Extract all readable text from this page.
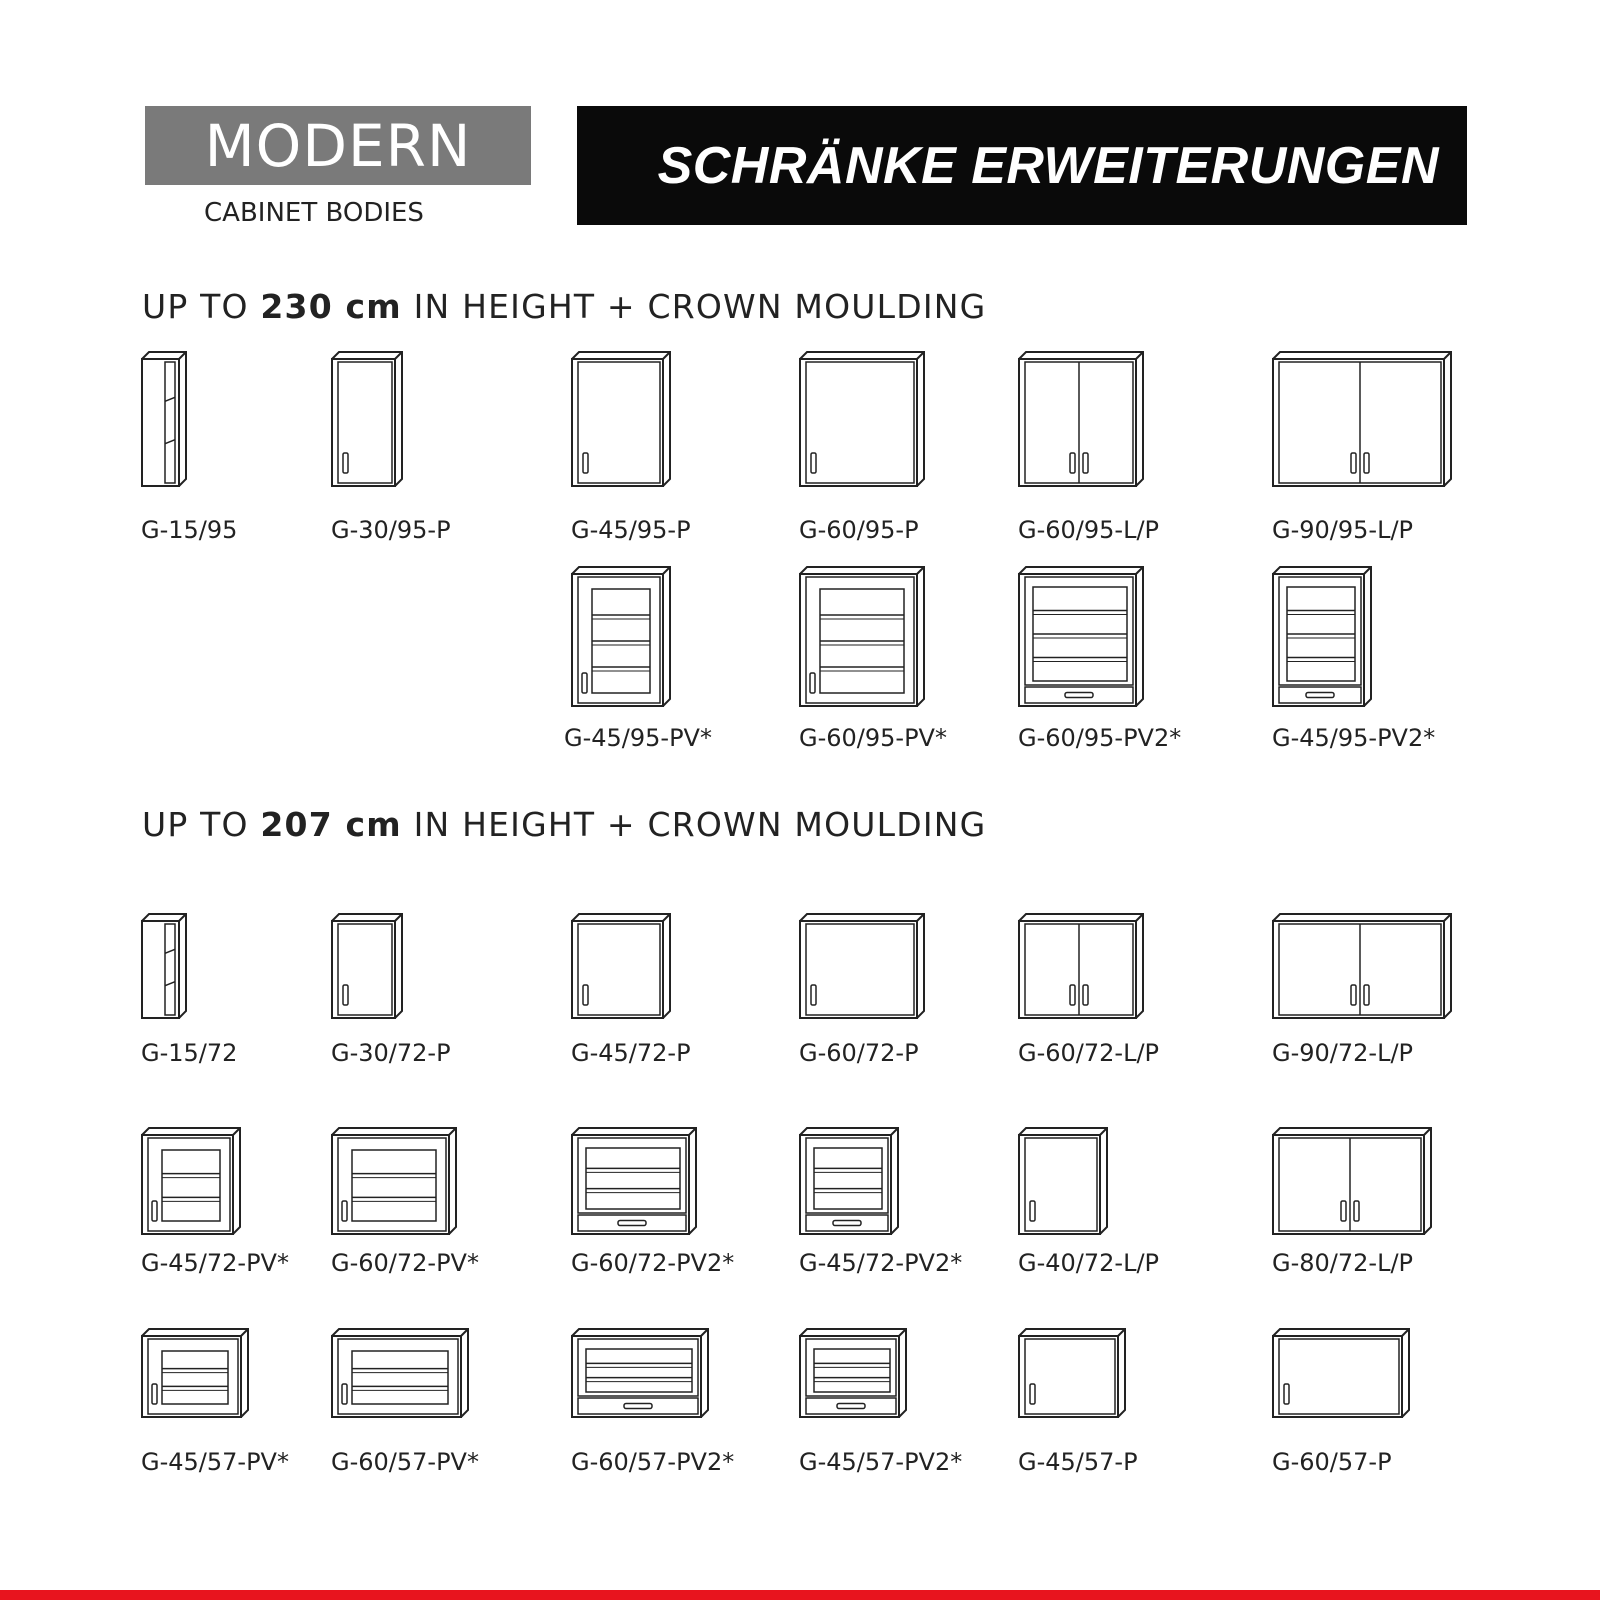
MODERN
CABINET BODIES
SCHRÄNKE ERWEITERUNGEN
UP TO 230 cm IN HEIGHT + CROWN MOULDING
UP TO 207 cm IN HEIGHT + CROWN MOULDING
G-15/95	G-30/95-P	G-45/95-P	G-60/95-P	G-60/95-L/P	G-90/95-L/P
G-45/95-PV*	G-60/95-PV*	G-60/95-PV2*	G-45/95-PV2*
G-15/72	G-30/72-P	G-45/72-P	G-60/72-P	G-60/72-L/P	G-90/72-L/P
G-45/72-PV* G-60/72-PV*	G-60/72-PV2*	G-45/72-PV2* G-40/72-L/P	G-80/72-L/P
G-45/57-PV* G-60/57-PV*	G-60/57-PV2*	G-45/57-PV2* G-45/57-P	G-60/57-P
